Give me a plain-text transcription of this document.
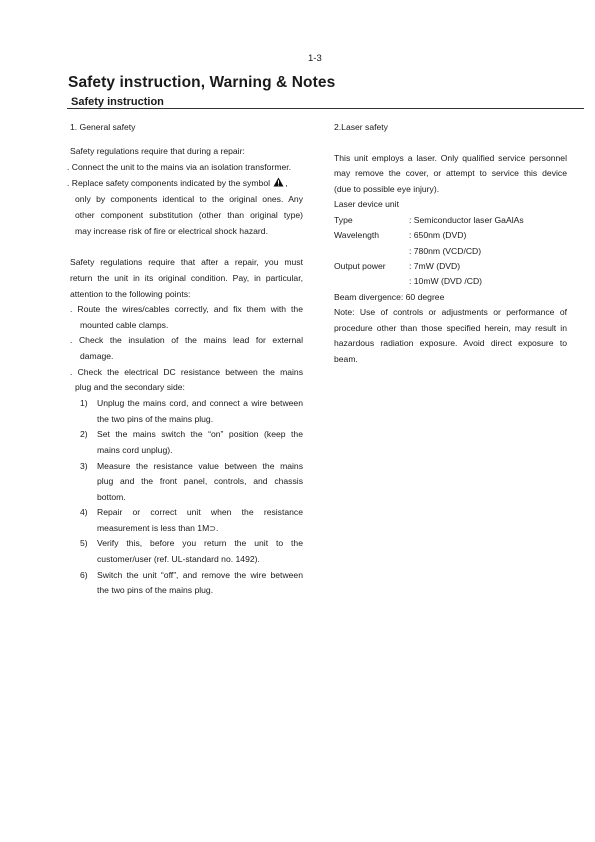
1-3
Safety instruction, Warning & Notes
Safety instruction
1. General safety
Safety regulations require that during a repair:
. Connect the unit to the mains via an isolation transformer.
. Replace safety components indicated by the symbol ,
only by components identical to the original ones. Any
other component substitution (other than original type)
may increase risk of fire or electrical shock hazard.
Safety regulations require that after a repair, you must
return the unit in its original condition. Pay, in particular,
attention to the following points:
. Route the wires/cables correctly, and fix them with the
mounted cable clamps.
. Check the insulation of the mains lead for external
damage.
. Check the electrical DC resistance between the mains
plug and the secondary side:
1) Unplug the mains cord, and connect a wire between
the two pins of the mains plug.
2) Set the mains switch the “on” position (keep the
mains cord unplug).
3) Measure the resistance value between the mains
plug and the front panel, controls, and chassis
bottom.
4) Repair or correct unit when the resistance
measurement is less than 1M⊃.
5) Verify this, before you return the unit to the
customer/user (ref. UL-standard no. 1492).
6) Switch the unit “off”, and remove the wire between
the two pins of the mains plug.
2.Laser safety
This unit employs a laser. Only qualified service personnel
may remove the cover, or attempt to service this device
(due to possible eye injury).
Laser device unit
Type	: Semiconductor laser GaAlAs
Wavelength	: 650nm (DVD)
: 780nm (VCD/CD)
Output power	: 7mW (DVD)
: 10mW (DVD /CD)
Beam divergence: 60 degree
Note: Use of controls or adjustments or performance of
procedure other than those specified herein, may result in
hazardous radiation exposure. Avoid direct exposure to
beam.
